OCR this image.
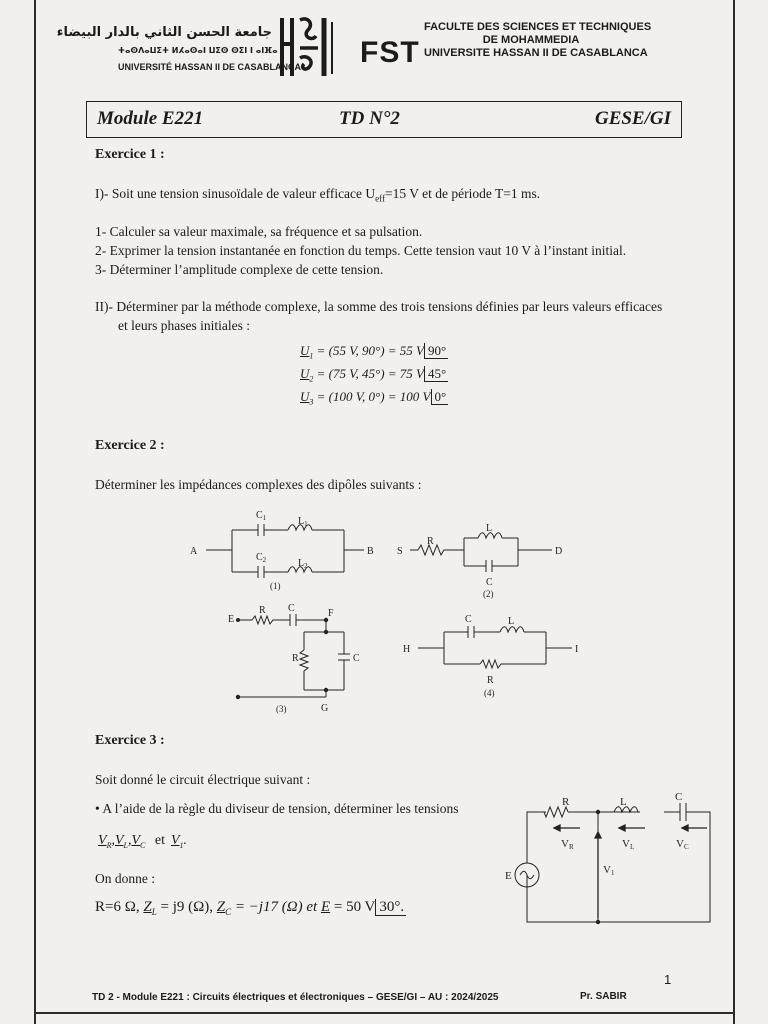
جامعة الحسن الثاني بالدار البيضاء
ⵜⴰⵙⴷⴰⵡⵉⵜ ⵍⵃⴰⵙⴰⵏ ⵡⵉⵙ ⵙⵉⵏ ⵏ ⴰⵏⴼⴰ
UNIVERSITÉ HASSAN II DE CASABLANCA FST
FACULTE DES SCIENCES ET TECHNIQUES
DE MOHAMMEDIA
UNIVERSITE HASSAN II DE CASABLANCA
Module E221	TD N°2	GESE/GI
Exercice 1 :
I)- Soit une tension sinusoïdale de valeur efficace $U_{eff}=15$ V et de période T=1 ms.
1- Calculer sa valeur maximale, sa fréquence et sa pulsation.
2- Exprimer la tension instantanée en fonction du temps. Cette tension vaut 10 V à l’instant initial.
3- Déterminer l’amplitude complexe de cette tension.
II)- Déterminer par la méthode complexe, la somme des trois tensions définies par leurs valeurs efficaces
et leurs phases initiales :
$U_1 = (55$ V, 90°) = 55 V 90°
$U_2 = (75$ V, 45°) = 75 V 45°
$U_3 = (100$ V, 0°) = 100 V 0°
Exercice 2 :
Déterminer les impédances complexes des dipôles suivants :
A	B
$C_1$	$L_1$
$C_2$	$L_2$
(1)
S	D
R
L
C
(2)
E
F
G
R C
R	C
(3)
H	I
C	L
R
(4)
Exercice 3 :
Soit donné le circuit électrique suivant :
• A l’aide de la règle du diviseur de tension, déterminer les tensions
$V_R,V_L,V_C$ et $V_1$.
On donne :
R=6 Ω, $Z_L = j9$ (Ω), $Z_C = -j17$ (Ω) et E = 50 V 30°.
R	L	C
VR	VL	VC
V1
E
1
TD 2 - Module E221 : Circuits électriques et électroniques – GESE/GI – AU : 2024/2025	Pr. SABIR
